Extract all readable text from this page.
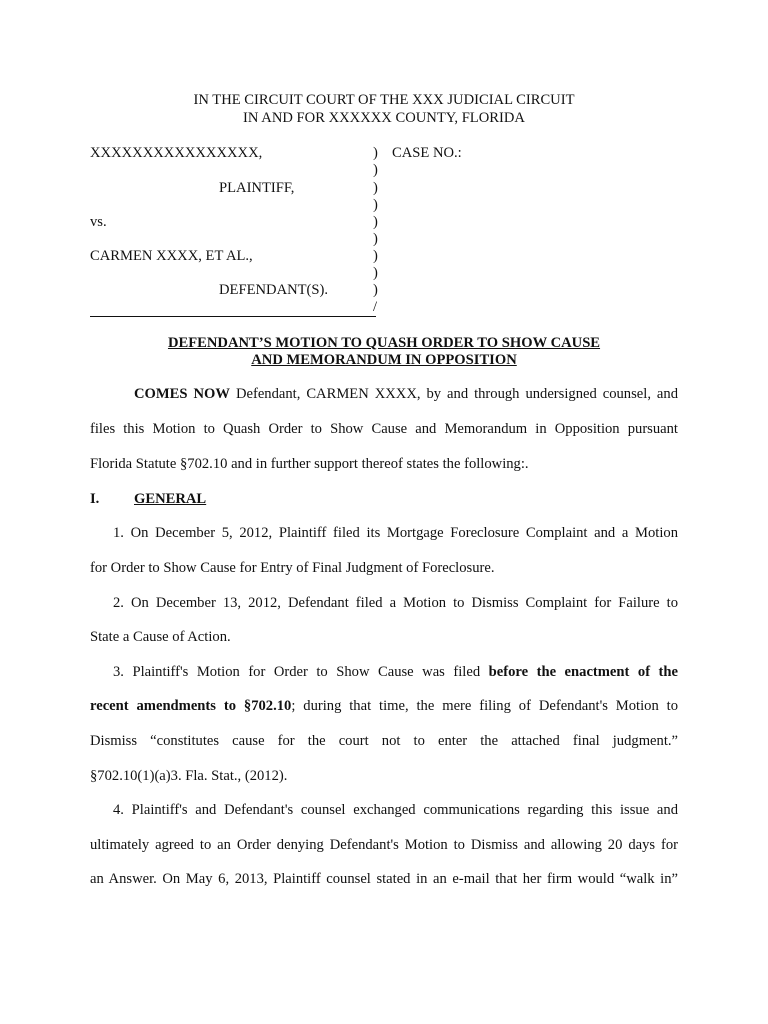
IN THE CIRCUIT COURT OF THE XXX JUDICIAL CIRCUIT
IN AND FOR XXXXXX COUNTY, FLORIDA
XXXXXXXXXXXXXXXX,	CASE NO.:
PLAINTIFF,
vs.
CARMEN XXXX, ET AL.,
DEFENDANT(S).
)
)
)
)
)
)
)
)
)
/
DEFENDANT’S MOTION TO QUASH ORDER TO SHOW CAUSE
AND MEMORANDUM IN OPPOSITION
COMES NOW Defendant, CARMEN XXXX, by and through undersigned counsel, and
files this Motion to Quash Order to Show Cause and Memorandum in Opposition pursuant
Florida Statute §702.10 and in further support thereof states the following:.
I. GENERAL
1. On December 5, 2012, Plaintiff filed its Mortgage Foreclosure Complaint and a Motion
for Order to Show Cause for Entry of Final Judgment of Foreclosure.
2. On December 13, 2012, Defendant filed a Motion to Dismiss Complaint for Failure to
State a Cause of Action.
3. Plaintiff's Motion for Order to Show Cause was filed before the enactment of the
recent amendments to §702.10; during that time, the mere filing of Defendant's Motion to
Dismiss “constitutes cause for the court not to enter the attached final judgment.”
§702.10(1)(a)3. Fla. Stat., (2012).
4. Plaintiff's and Defendant's counsel exchanged communications regarding this issue and
ultimately agreed to an Order denying Defendant's Motion to Dismiss and allowing 20 days for
an Answer. On May 6, 2013, Plaintiff counsel stated in an e-mail that her firm would “walk in”
